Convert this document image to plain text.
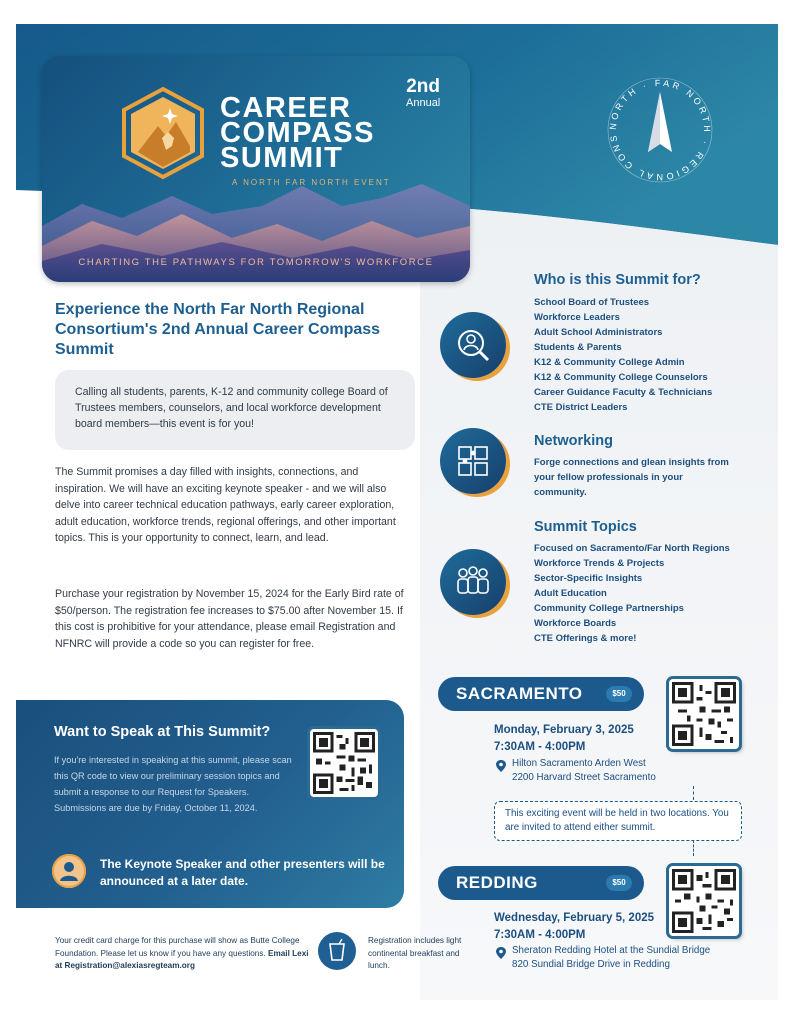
CAREER
COMPASS
SUMMIT
2nd
Annual
A NORTH FAR NORTH EVENT
CHARTING THE PATHWAYS FOR TOMORROW'S WORKFORCE
NORTH · FAR NORTH · REGIONAL CONS
Experience the North Far North Regional Consortium's 2nd Annual Career Compass Summit
Calling all students, parents, K-12 and community college Board of Trustees members, counselors, and local workforce development board members—this event is for you!
The Summit promises a day filled with insights, connections, and inspiration. We will have an exciting keynote speaker - and we will also delve into career technical education pathways, early career exploration, adult education, workforce trends, regional offerings, and other important topics. This is your opportunity to connect, learn, and lead.
Purchase your registration by November 15, 2024 for the Early Bird rate of $50/person. The registration fee increases to $75.00 after November 15. If this cost is prohibitive for your attendance, please email Registration and NFNRC will provide a code so you can register for free.
Want to Speak at This Summit?
If you're interested in speaking at this summit, please scan this QR code to view our preliminary session topics and submit a response to our Request for Speakers. Submissions are due by Friday, October 11, 2024.
The Keynote Speaker and other presenters will be announced at a later date.
Your credit card charge for this purchase will show as Butte College Foundation. Please let us know if you have any questions. Email Lexi at Registration@alexiasregteam.org
Registration includes light continental breakfast and lunch.
Who is this Summit for?
School Board of Trustees
Workforce Leaders
Adult School Administrators
Students & Parents
K12 & Community College Admin
K12 & Community College Counselors
Career Guidance Faculty & Technicians
CTE District Leaders
Networking
Forge connections and glean insights from your fellow professionals in your community.
Summit Topics
Focused on Sacramento/Far North Regions
Workforce Trends & Projects
Sector-Specific Insights
Adult Education
Community College Partnerships
Workforce Boards
CTE Offerings & more!
SACRAMENTO	$50
Monday, February 3, 2025
7:30AM - 4:00PM
Hilton Sacramento Arden West
2200 Harvard Street Sacramento
This exciting event will be held in two locations. You are invited to attend either summit.
REDDING	$50
Wednesday, February 5, 2025
7:30AM - 4:00PM
Sheraton Redding Hotel at the Sundial Bridge
820 Sundial Bridge Drive in Redding
